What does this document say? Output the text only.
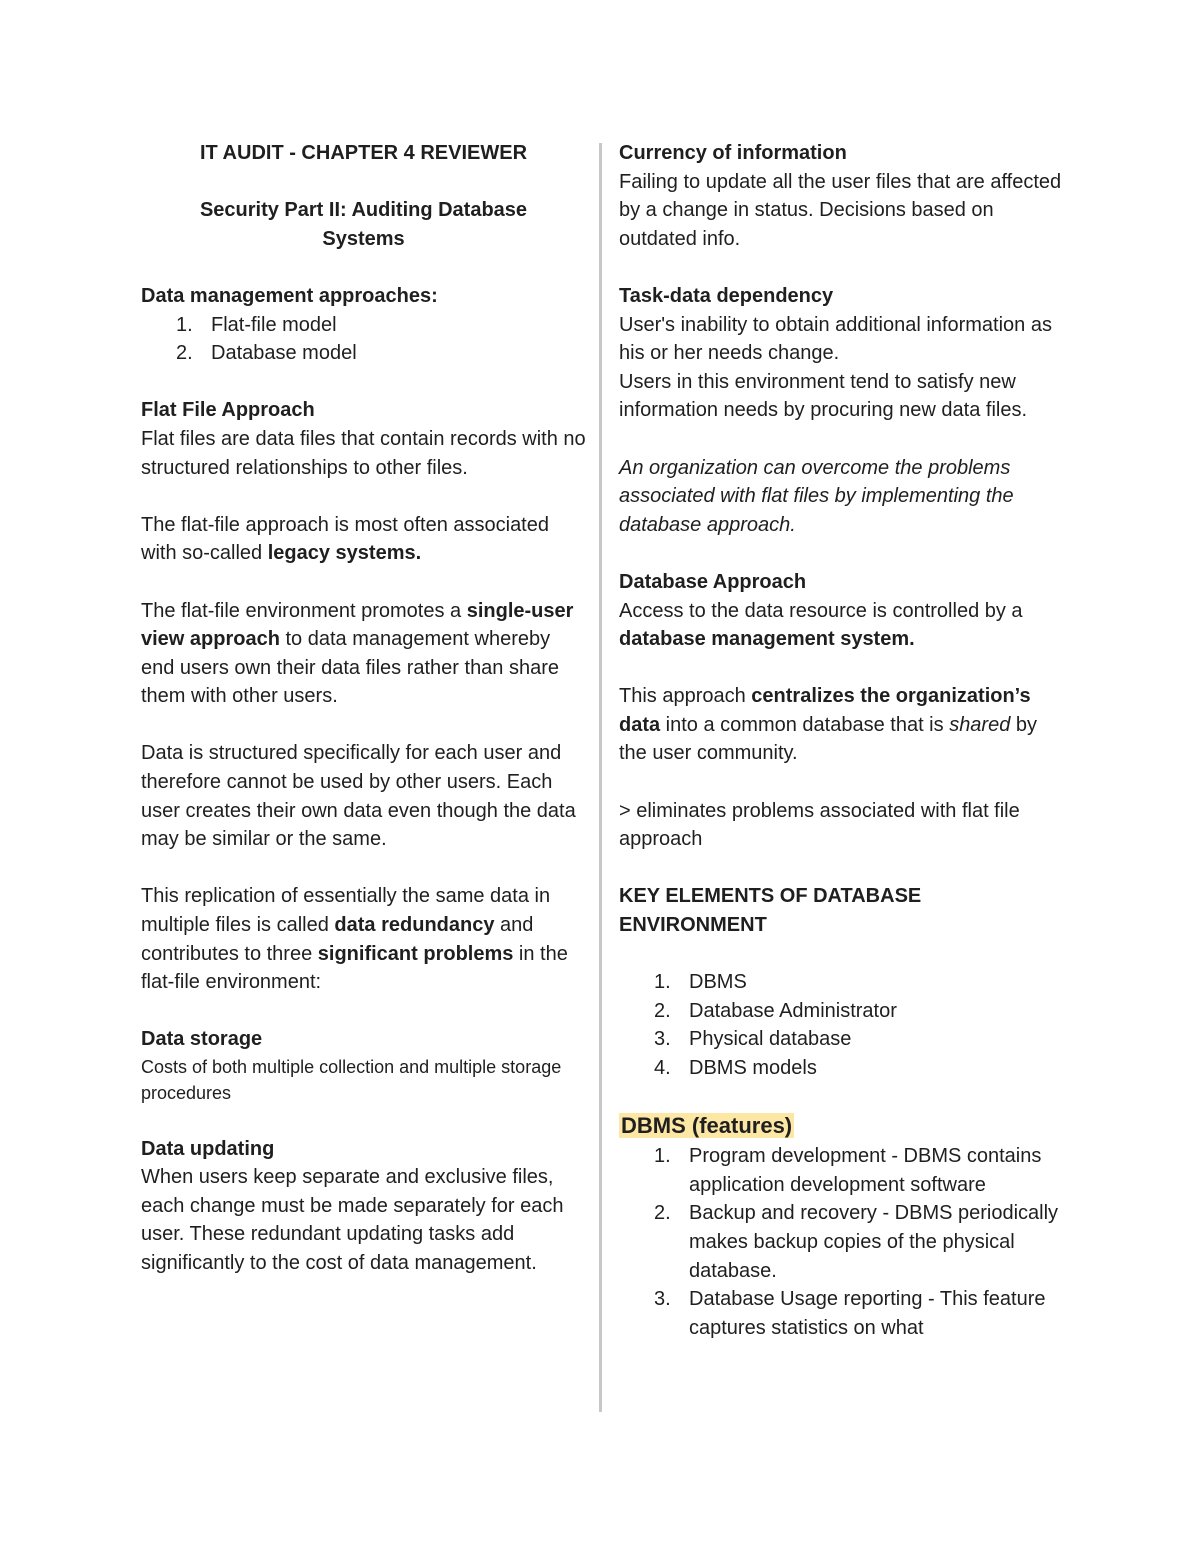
IT AUDIT - CHAPTER 4 REVIEWER

Security Part II: Auditing Database
Systems

Data management approaches:

1. Flat-file model
2. Database model

Flat File Approach

Flat files are data files that contain records with no structured relationships to other files.

The flat-file approach is most often associated with so-called legacy systems.

The flat-file environment promotes a single-user view approach to data management whereby end users own their data files rather than share them with other users.

Data is structured specifically for each user and therefore cannot be used by other users. Each user creates their own data even though the data may be similar or the same.

This replication of essentially the same data in multiple files is called data redundancy and contributes to three significant problems in the flat-file environment:

Data storage

Costs of both multiple collection and multiple storage procedures

Data updating

When users keep separate and exclusive files, each change must be made separately for each user. These redundant updating tasks add significantly to the cost of data management.

Currency of information

Failing to update all the user files that are affected by a change in status. Decisions based on outdated info.

Task-data dependency

User's inability to obtain additional information as his or her needs change.

Users in this environment tend to satisfy new information needs by procuring new data files.

An organization can overcome the problems associated with flat files by implementing the database approach.

Database Approach

Access to the data resource is controlled by a database management system.

This approach centralizes the organization’s data into a common database that is shared by the user community.

> eliminates problems associated with flat file approach

KEY ELEMENTS OF DATABASE ENVIRONMENT

1. DBMS
2. Database Administrator
3. Physical database
4. DBMS models

DBMS (features)

1. Program development - DBMS contains application development software
2. Backup and recovery - DBMS periodically makes backup copies of the physical database.
3. Database Usage reporting - This feature captures statistics on what
